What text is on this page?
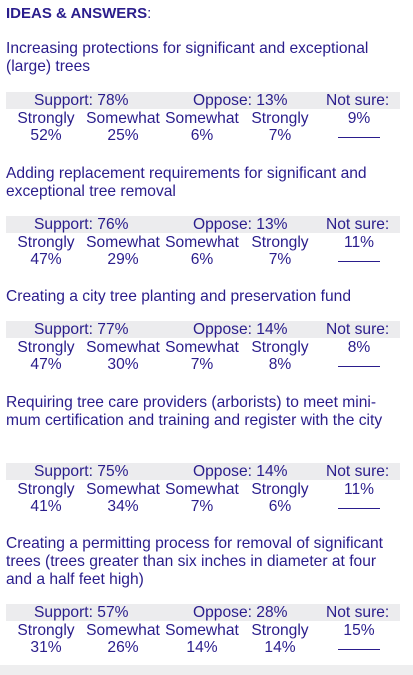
IDEAS & ANSWERS:
Increasing protections for significant and exceptional (large) trees
Support: 78%	Oppose: 13% Not sure:
Strongly Somewhat Somewhat Strongly	9%
52%	25%	6%	7%
Adding replacement requirements for significant and exceptional tree removal
Support: 76%	Oppose: 13% Not sure:
Strongly Somewhat Somewhat Strongly	11%
47%	29%	6%	7%
Creating a city tree planting and preservation fund
Support: 77%	Oppose: 14% Not sure:
Strongly Somewhat Somewhat Strongly	8%
47%	30%	7%	8%
Requiring tree care providers (arborists) to meet mini-mum certification and training and register with the city
Support: 75%	Oppose: 14% Not sure:
Strongly Somewhat Somewhat Strongly	11%
41%	34%	7%	6%
Creating a permitting process for removal of significant trees (trees greater than six inches in diameter at four and a half feet high)
Support: 57%	Oppose: 28% Not sure:
Strongly Somewhat Somewhat Strongly	15%
31%	26%	14%	14%
